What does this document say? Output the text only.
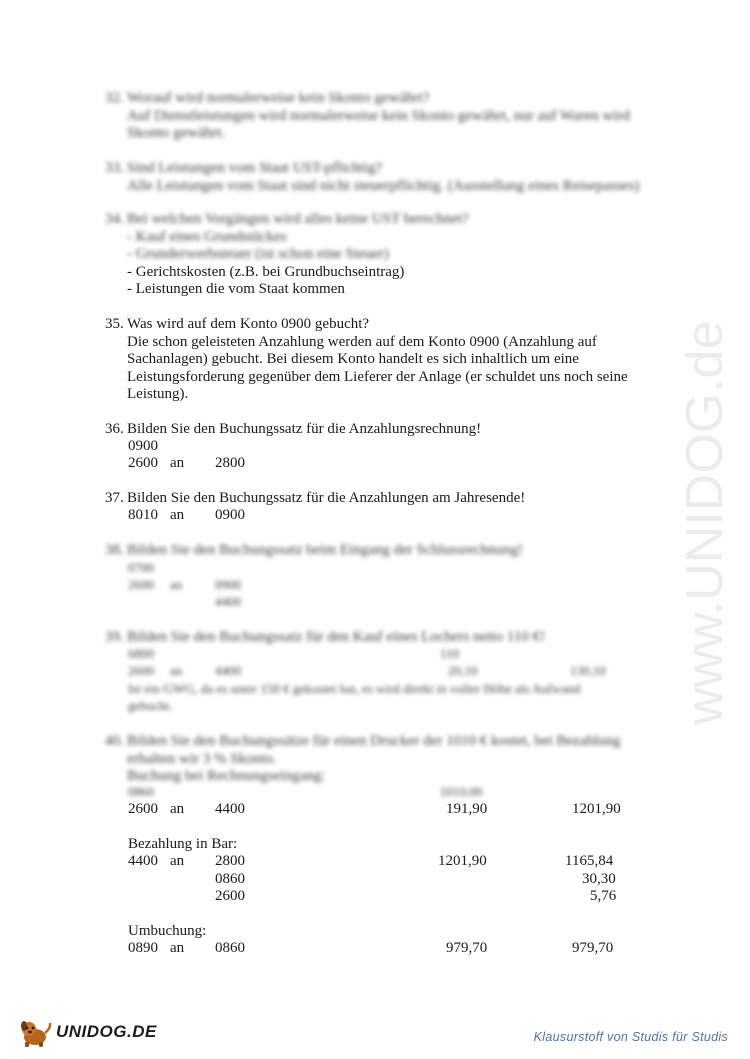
32. Worauf wird normalerweise kein Skonto gewährt?
Auf Dienstleistungen wird normalerweise kein Skonto gewährt, nur auf Waren wird
Skonto gewährt.
33. Sind Leistungen vom Staat UST-pflichtig?
Alle Leistungen vom Staat sind nicht steuerpflichtig. (Ausstellung eines Reisepasses)
34. Bei welchen Vorgängen wird alles keine UST berechnet?
- Kauf eines Grundstückes
- Grunderwerbsteuer (ist schon eine Steuer)
- Gerichtskosten (z.B. bei Grundbuchseintrag)
- Leistungen die vom Staat kommen
35. Was wird auf dem Konto 0900 gebucht?
Die schon geleisteten Anzahlung werden auf dem Konto 0900 (Anzahlung auf
Sachanlagen) gebucht. Bei diesem Konto handelt es sich inhaltlich um eine
Leistungsforderung gegenüber dem Lieferer der Anlage (er schuldet uns noch seine
Leistung).
36. Bilden Sie den Buchungssatz für die Anzahlungsrechnung!
0900
2600 an 2800
37. Bilden Sie den Buchungssatz für die Anzahlungen am Jahresende!
8010 an 0900
38. Bilden Sie den Buchungssatz beim Eingang der Schlussrechnung!
0700
2600 an	0900
4400
39. Bilden Sie den Buchungssatz für den Kauf eines Lochers netto 110 €!
6800	110
2600 an	4400	20,10	130,10
Ist ein GWG, da es unter 150 € gekostet hat, es wird direkt in voller Höhe als Aufwand
gebucht.
40. Bilden Sie den Buchungssätze für einen Drucker der 1010 € kostet, bei Bezahlung
erhalten wir 3 % Skonto.
Buchung bei Rechnungseingang:
0860	1010,00
2600 an 4400	191,90	1201,90
Bezahlung in Bar:
4400 an 2800	1201,90	1165,84
0860	30,30
2600	5,76
Umbuchung:
0890 an 0860	979,70	979,70
www.UNIDOG.de
UNIDOG.DE	Klausurstoff von Studis für Studis
